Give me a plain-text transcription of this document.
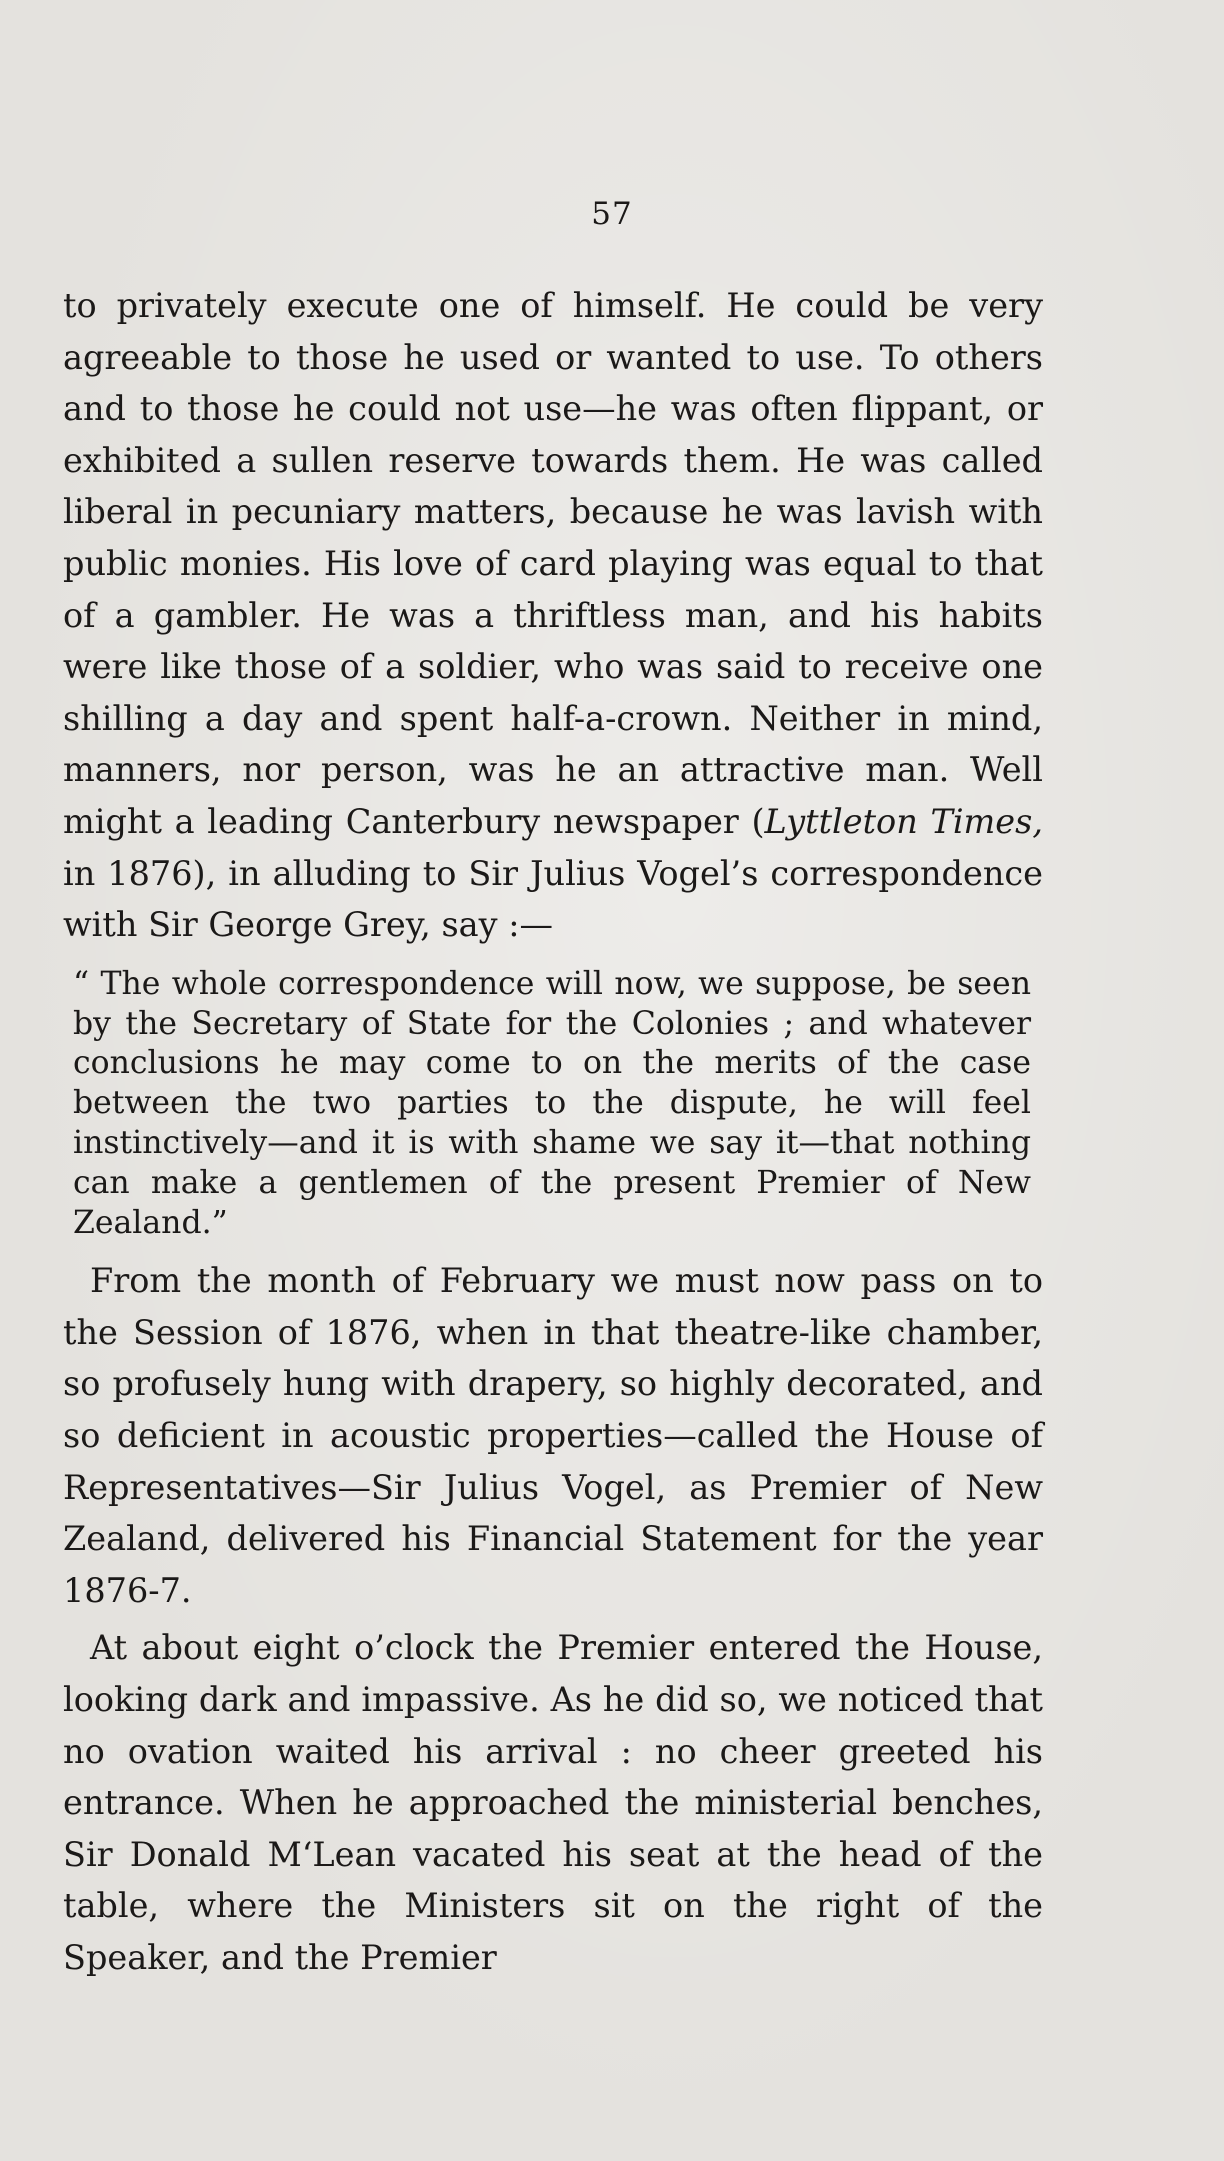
57

to privately execute one of himself. He could be very agreeable to those he used or wanted to use. To others and to those he could not use—he was often flippant, or exhibited a sullen reserve towards them. He was called liberal in pecuniary matters, because he was lavish with public monies. His love of card playing was equal to that of a gambler. He was a thriftless man, and his habits were like those of a soldier, who was said to receive one shilling a day and spent half-a-crown. Neither in mind, manners, nor person, was he an attractive man. Well might a leading Canterbury newspaper (Lyttleton Times, in 1876), in alluding to Sir Julius Vogel’s correspondence with Sir George Grey, say :—

“ The whole correspondence will now, we suppose, be seen by the Secretary of State for the Colonies ; and whatever conclusions he may come to on the merits of the case between the two parties to the dispute, he will feel instinctively—and it is with shame we say it—that nothing can make a gentlemen of the present Premier of New Zealand.”

From the month of February we must now pass on to the Session of 1876, when in that theatre-like chamber, so profusely hung with drapery, so highly decorated, and so deficient in acoustic properties—called the House of Representatives—Sir Julius Vogel, as Premier of New Zealand, delivered his Financial Statement for the year 1876-7.

At about eight o’clock the Premier entered the House, looking dark and impassive. As he did so, we noticed that no ovation waited his arrival : no cheer greeted his entrance. When he approached the ministerial benches, Sir Donald M‘Lean vacated his seat at the head of the table, where the Ministers sit on the right of the Speaker, and the Premier
